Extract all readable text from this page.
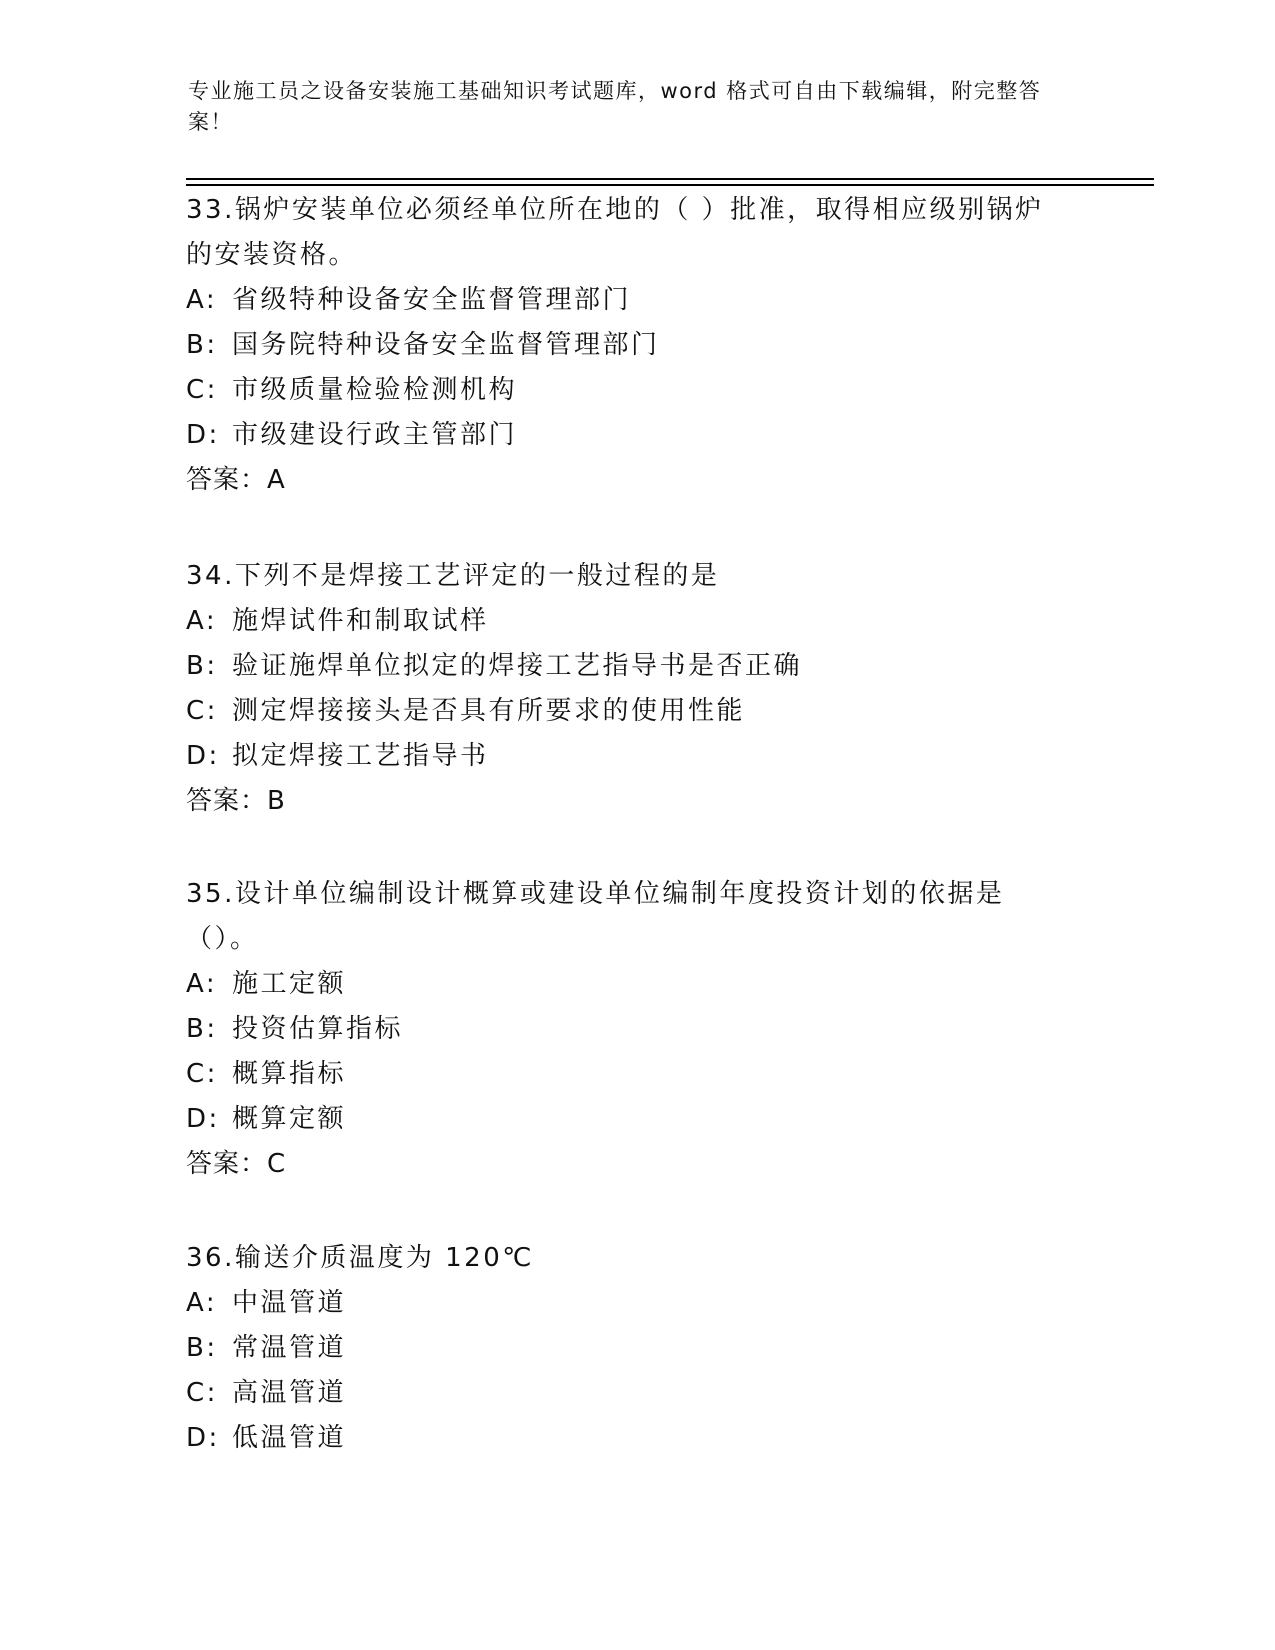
专业施工员之设备安装施工基础知识考试题库，word 格式可自由下载编辑，附完整答案！
33.锅炉安装单位必须经单位所在地的（ ）批准，取得相应级别锅炉的安装资格。
A: 省级特种设备安全监督管理部门
B: 国务院特种设备安全监督管理部门
C: 市级质量检验检测机构
D: 市级建设行政主管部门
答案：A
34.下列不是焊接工艺评定的一般过程的是
A: 施焊试件和制取试样
B: 验证施焊单位拟定的焊接工艺指导书是否正确
C: 测定焊接接头是否具有所要求的使用性能
D: 拟定焊接工艺指导书
答案：B
35.设计单位编制设计概算或建设单位编制年度投资计划的依据是（）。
A: 施工定额
B: 投资估算指标
C: 概算指标
D: 概算定额
答案：C
36.输送介质温度为 120℃
A: 中温管道
B: 常温管道
C: 高温管道
D: 低温管道
